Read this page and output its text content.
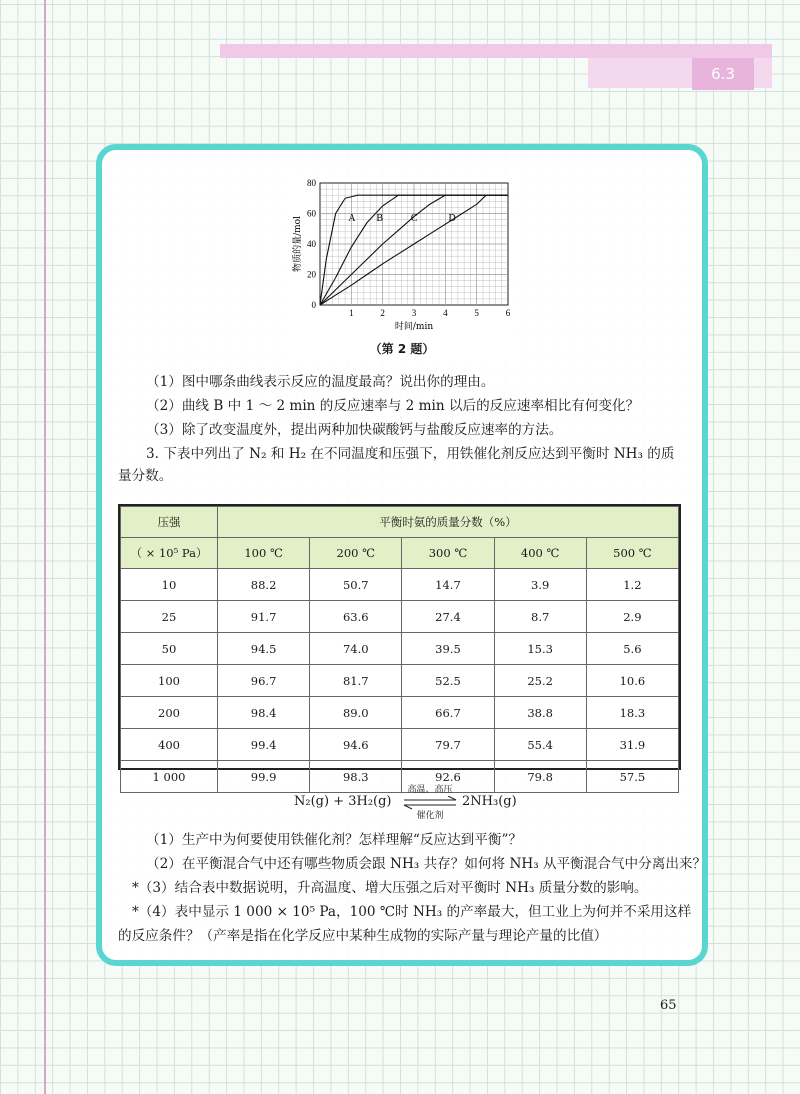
6.3
1	2	3	4	5	6
0
20
40
60
80
时间/min
物质的量/mol	A B	C	D
（第 2 题）
（1）图中哪条曲线表示反应的温度最高？说出你的理由。
（2）曲线 B 中 1 ～ 2 min 的反应速率与 2 min 以后的反应速率相比有何变化？
（3）除了改变温度外，提出两种加快碳酸钙与盐酸反应速率的方法。
3. 下表中列出了 N₂ 和 H₂ 在不同温度和压强下，用铁催化剂反应达到平衡时 NH₃ 的质
量分数。
压强	平衡时氨的质量分数（%）				
（ × 10⁵ Pa）	100 ℃	200 ℃	300 ℃	400 ℃	500 ℃
10	88.2	50.7	14.7	3.9	1.2
25	91.7	63.6	27.4	8.7	2.9
50	94.5	74.0	39.5	15.3	5.6
100	96.7	81.7	52.5	25.2	10.6
200	98.4	89.0	66.7	38.8	18.3
400	99.4	94.6	79.7	55.4	31.9
1 000	99.9	98.3	92.6	79.8	57.5
N₂(g) + 3H₂(g)
高温、高压
催化剂
2NH₃(g)
（1）生产中为何要使用铁催化剂？怎样理解“反应达到平衡”？
（2）在平衡混合气中还有哪些物质会跟 NH₃ 共存？如何将 NH₃ 从平衡混合气中分离出来？
*（3）结合表中数据说明，升高温度、增大压强之后对平衡时 NH₃ 质量分数的影响。
*（4）表中显示 1 000 × 10⁵ Pa，100 ℃时 NH₃ 的产率最大，但工业上为何并不采用这样
的反应条件？（产率是指在化学反应中某种生成物的实际产量与理论产量的比值）
65
